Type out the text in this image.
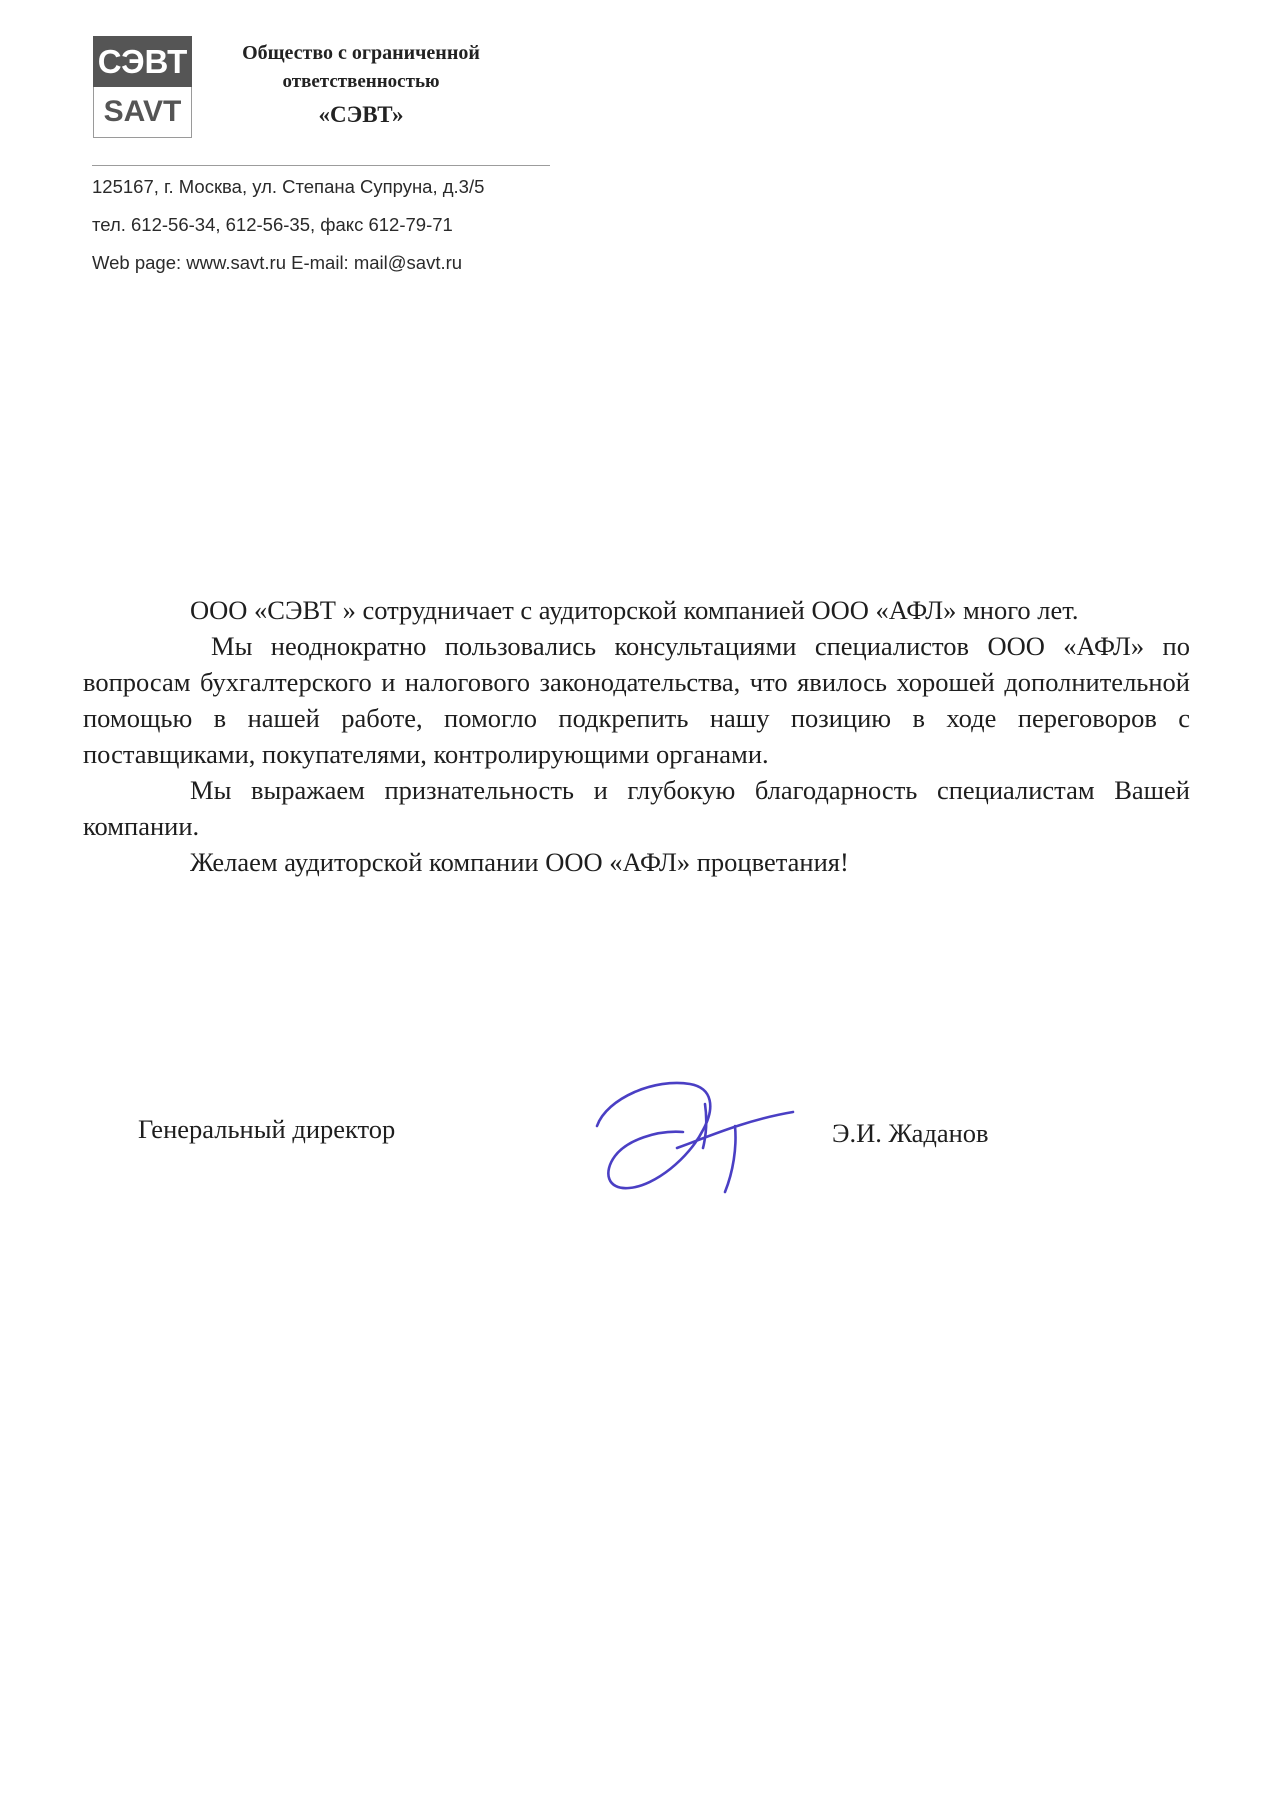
СЭВТ
SAVT
Общество с ограниченной
ответственностью
«СЭВТ»
125167, г. Москва, ул. Степана Супруна, д.3/5
тел. 612-56-34, 612-56-35, факс 612-79-71
Web page: www.savt.ru E-mail: mail@savt.ru

ООО «СЭВТ » сотрудничает с аудиторской компанией ООО «АФЛ» много лет.

Мы неоднократно пользовались консультациями специалистов ООО «АФЛ» по вопросам бухгалтерского и налогового законодательства, что явилось хорошей дополнительной помощью в нашей работе, помогло подкрепить нашу позицию в ходе переговоров с поставщиками, покупателями, контролирующими органами.

Мы выражаем признательность и глубокую благодарность специалистам Вашей компании.

Желаем аудиторской компании ООО «АФЛ» процветания!

Генеральный директор	Э.И. Жаданов
